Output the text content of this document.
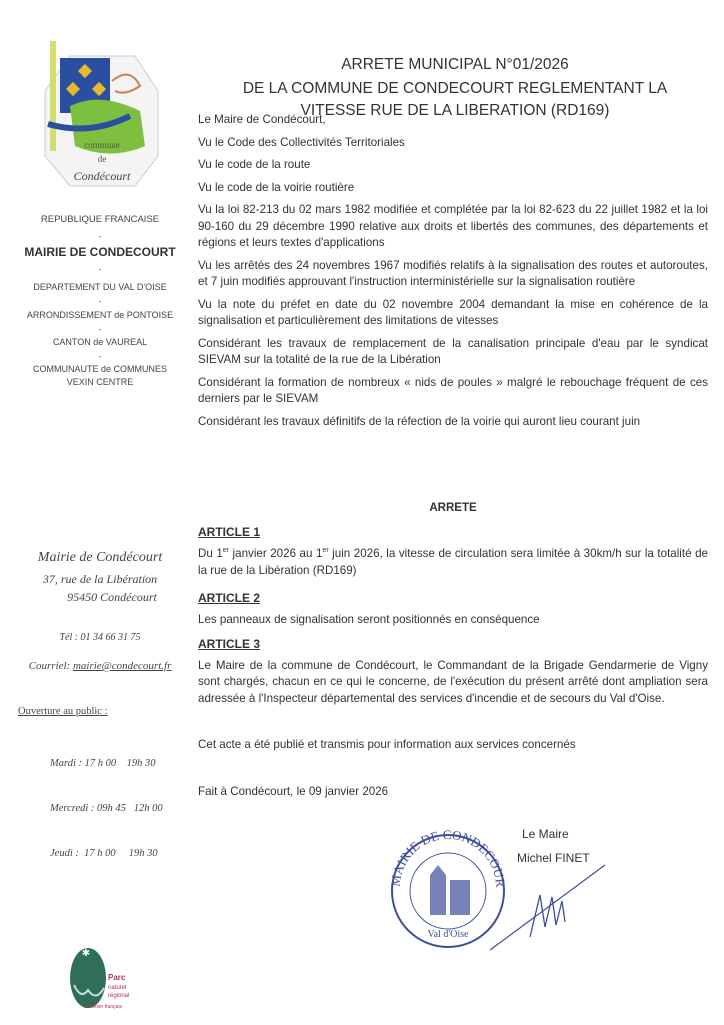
ARRETE MUNICIPAL N°01/2026
DE LA COMMUNE DE CONDECOURT REGLEMENTANT LA
VITESSE RUE DE LA LIBERATION (RD169)
commune
de
Condécourt
REPUBLIQUE FRANCAISE
-
MAIRIE DE CONDECOURT
-
DEPARTEMENT DU VAL D'OISE
-
ARRONDISSEMENT de PONTOISE
-
CANTON de VAUREAL
-
COMMUNAUTE de COMMUNES
VEXIN CENTRE
Mairie de Condécourt
37, rue de la Libération
95450 Condécourt
Tél : 01 34 66 31 75
Courriel: mairie@condecourt.fr
Ouverture au public :

Mardi : 17 h 00    19h 30

Mercredi : 09h 45   12h 00

Jeudi :  17 h 00     19h 30

✱
Parc
naturel
régional
du Vexin français

Le Maire de Condécourt,

Vu le Code des Collectivités Territoriales

Vu le code de la route

Vu le code de la voirie routière

Vu la loi 82-213 du 02 mars 1982 modifiée et complétée par la loi 82-623 du 22 juillet 1982 et la loi 90-160 du 29 décembre 1990 relative aux droits et libertés des communes, des départements et régions et leurs textes d'applications

Vu les arrêtés des 24 novembres 1967 modifiés relatifs à la signalisation des routes et autoroutes, et 7 juin modifiés approuvant l'instruction interministérielle sur la signalisation routière

Vu la note du préfet en date du 02 novembre 2004 demandant la mise en cohérence de la signalisation et particulièrement des limitations de vitesses

Considérant les travaux de remplacement de la canalisation principale d'eau par le syndicat SIEVAM sur la totalité de la rue de la Libération

Considérant la formation de nombreux « nids de poules » malgré le rebouchage fréquent de ces derniers par le SIEVAM

Considérant les travaux définitifs de la réfection de la voirie qui auront lieu courant juin

ARRETE
ARTICLE 1

Du 1er janvier 2026 au 1er juin 2026, la vitesse de circulation sera limitée à 30km/h sur la totalité de la rue de la Libération (RD169)

ARTICLE 2

Les panneaux de signalisation seront positionnés en conséquence

ARTICLE 3

Le Maire de la commune de Condécourt, le Commandant de la Brigade Gendarmerie de Vigny sont chargés, chacun en ce qui le concerne, de l'exécution du présent arrêté dont ampliation sera adressée à l'Inspecteur départemental des services d'incendie et de secours du Val d'Oise.

Cet acte a été publié et transmis pour information aux services concernés

Fait à Condécourt, le 09 janvier 2026

MAIRIE DE CONDECOUR
Val d'Oise
Le Maire
Michel FINET
